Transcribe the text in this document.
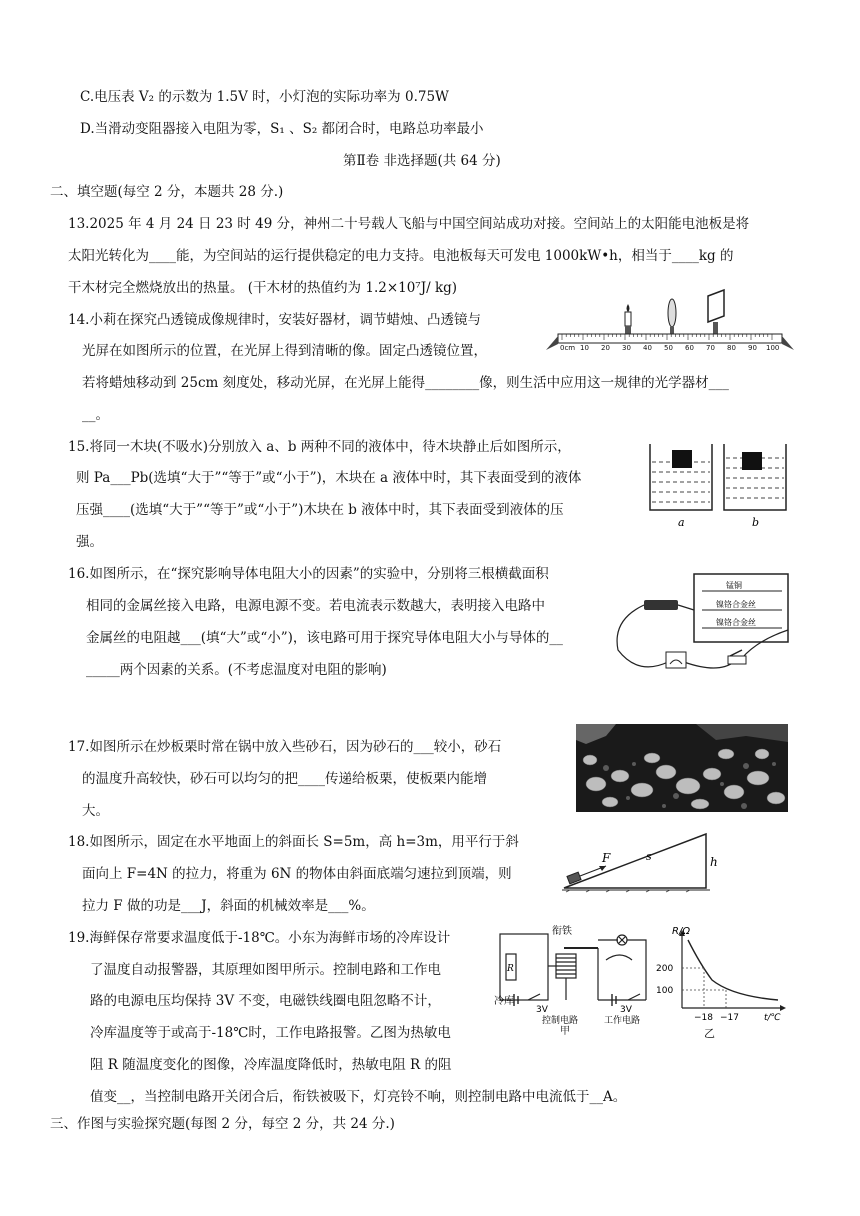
C.电压表 V₂ 的示数为 1.5V 时，小灯泡的实际功率为 0.75W
D.当滑动变阻器接入电阻为零，S₁ 、S₂ 都闭合时，电路总功率最小
第Ⅱ卷 非选择题(共 64 分)
二、填空题(每空 2 分，本题共 28 分.)
13.2025 年 4 月 24 日 23 时 49 分，神州二十号载人飞船与中国空间站成功对接。空间站上的太阳能电池板是将
太阳光转化为____能，为空间站的运行提供稳定的电力支持。电池板每天可发电 1000kW•h，相当于____kg 的
干木材完全燃烧放出的热量。 (干木材的热值约为 1.2×10⁷J/ kg)
14.小莉在探究凸透镜成像规律时，安装好器材，调节蜡烛、凸透镜与
光屏在如图所示的位置，在光屏上得到清晰的像。固定凸透镜位置，
若将蜡烛移动到 25cm 刻度处，移动光屏，在光屏上能得________像，则生活中应用这一规律的光学器材___
__。
0cm 10 20 30 40 50 60 70 80 90 100
15.将同一木块(不吸水)分别放入 a、b 两种不同的液体中，待木块静止后如图所示，
则 Pa___Pb(选填“大于”“等于”或“小于”)，木块在 a 液体中时，其下表面受到的液体
压强____(选填“大于”“等于”或“小于”)木块在 b 液体中时，其下表面受到液体的压
强。
a	b
16.如图所示，在“探究影响导体电阻大小的因素”的实验中，分别将三根横截面积
相同的金属丝接入电路，电源电源不变。若电流表示数越大，表明接入电路中
金属丝的电阻越___(填“大”或“小”)，该电路可用于探究导体电阻大小与导体的__
_____两个因素的关系。(不考虑温度对电阻的影响)
锰铜
镍铬合金丝
镍铬合金丝
17.如图所示在炒板栗时常在锅中放入些砂石，因为砂石的___较小，砂石
的温度升高较快，砂石可以均匀的把____传递给板栗，使板栗内能增
大。
18.如图所示，固定在水平地面上的斜面长 S=5m，高 h=3m，用平行于斜
面向上 F=4N 的拉力，将重为 6N 的物体由斜面底端匀速拉到顶端，则
拉力 F 做的功是___J，斜面的机械效率是___%。
F	s	h
19.海鲜保存常要求温度低于-18℃。小东为海鲜市场的冷库设计
了温度自动报警器，其原理如图甲所示。控制电路和工作电
路的电源电压均保持 3V 不变，电磁铁线圈电阻忽略不计，
冷库温度等于或高于-18℃时，工作电路报警。乙图为热敏电
阻 R 随温度变化的图像，冷库温度降低时，热敏电阻 R 的阻
值变__，当控制电路开关闭合后，衔铁被吸下，灯亮铃不响，则控制电路中电流低于__A。
衔铁
R
冷库
3V	3V
控制电路	工作电路
甲
R/Ω
200
100
−18 −17	t/℃
乙
三、作图与实验探究题(每图 2 分，每空 2 分，共 24 分.)
